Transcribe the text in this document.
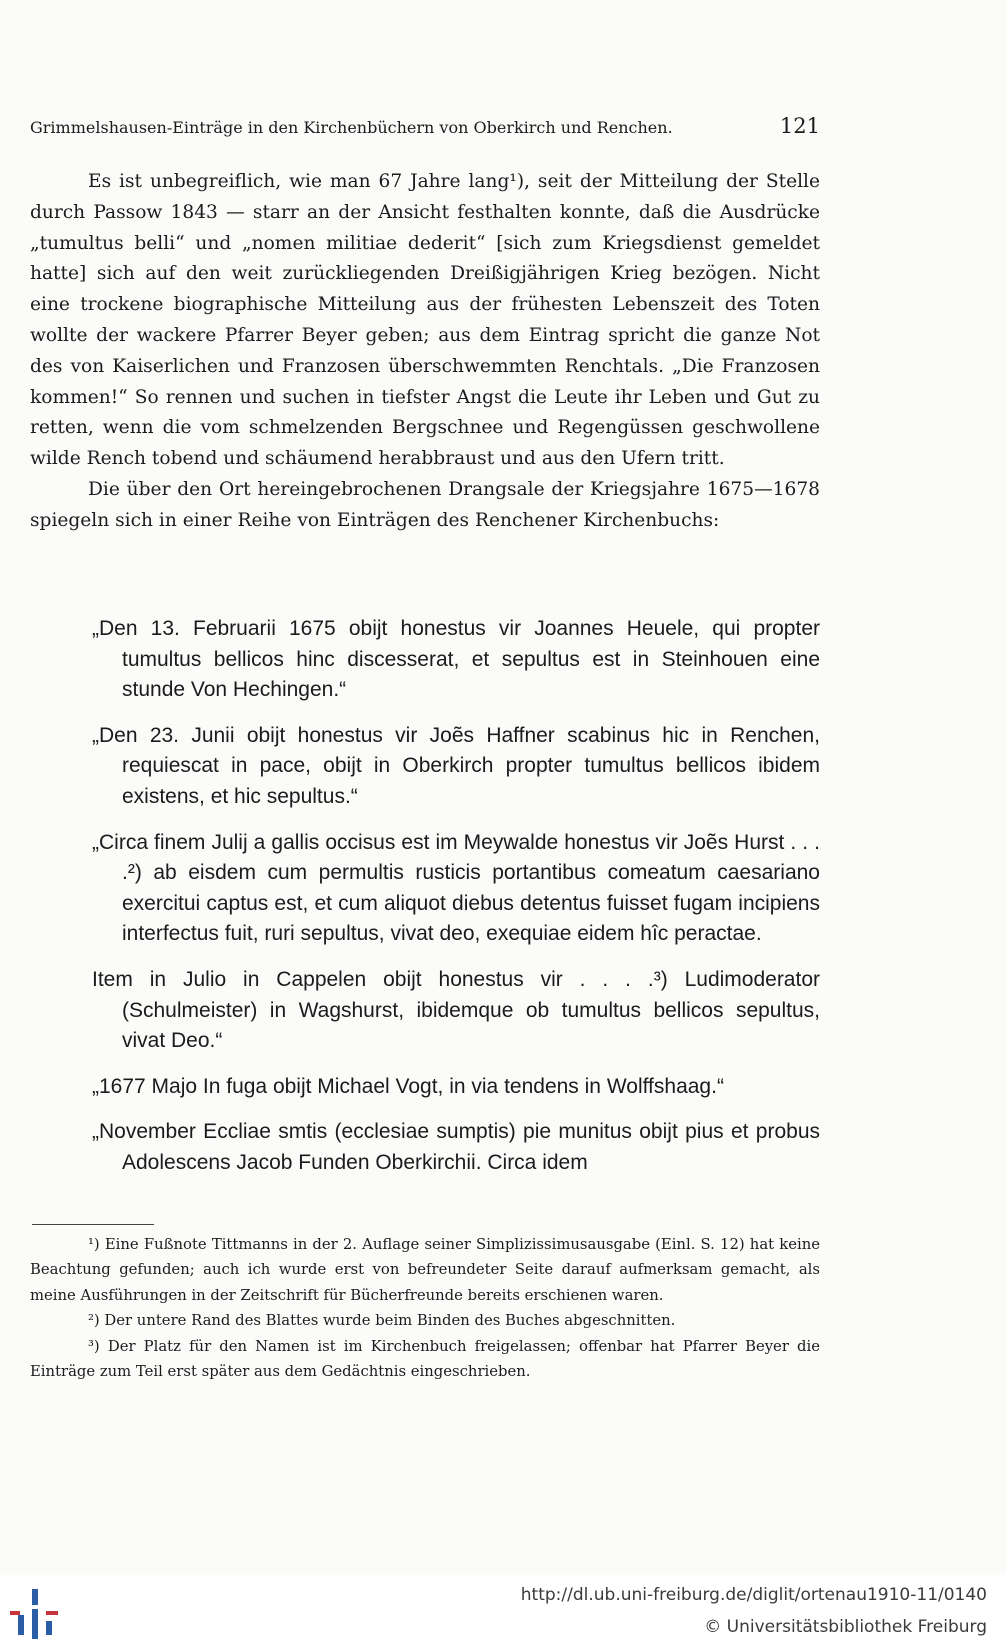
Grimmelshausen-Einträge in den Kirchenbüchern von Oberkirch und Renchen.	121

Es ist unbegreiflich, wie man 67 Jahre lang¹), seit der Mitteilung der Stelle durch Passow 1843 — starr an der Ansicht festhalten konnte, daß die Ausdrücke „tumultus belli“ und „nomen militiae dederit“ [sich zum Kriegsdienst gemeldet hatte] sich auf den weit zurückliegenden Dreißigjährigen Krieg bezögen. Nicht eine trockene biographische Mitteilung aus der frühesten Lebenszeit des Toten wollte der wackere Pfarrer Beyer geben; aus dem Eintrag spricht die ganze Not des von Kaiserlichen und Franzosen überschwemmten Renchtals. „Die Franzosen kommen!“ So rennen und suchen in tiefster Angst die Leute ihr Leben und Gut zu retten, wenn die vom schmelzenden Bergschnee und Regengüssen geschwollene wilde Rench tobend und schäumend herabbraust und aus den Ufern tritt.

Die über den Ort hereingebrochenen Drangsale der Kriegsjahre 1675—1678 spiegeln sich in einer Reihe von Einträgen des Renchener Kirchenbuchs:

„Den 13. Februarii 1675 obijt honestus vir Joannes Heuele, qui propter tumultus bellicos hinc discesserat, et sepultus est in Steinhouen eine stunde Von Hechingen.“

„Den 23. Junii obijt honestus vir Joẽs Haffner scabinus hic in Renchen, requiescat in pace, obijt in Oberkirch propter tumultus bellicos ibidem existens, et hic sepultus.“

„Circa finem Julij a gallis occisus est im Meywalde honestus vir Joẽs Hurst . . . .²) ab eisdem cum permultis rusticis portantibus comeatum caesariano exercitui captus est, et cum aliquot diebus detentus fuisset fugam incipiens interfectus fuit, ruri sepultus, vivat deo, exequiae eidem hîc peractae.

Item in Julio in Cappelen obijt honestus vir . . . .³) Ludimoderator (Schulmeister) in Wagshurst, ibidemque ob tumultus bellicos sepultus, vivat Deo.“

„1677 Majo In fuga obijt Michael Vogt, in via tendens in Wolffshaag.“

„November Eccliae smtis (ecclesiae sumptis) pie munitus obijt pius et probus Adolescens Jacob Funden Oberkirchii. Circa idem

¹) Eine Fußnote Tittmanns in der 2. Auflage seiner Simplizissimusausgabe (Einl. S. 12) hat keine Beachtung gefunden; auch ich wurde erst von befreundeter Seite darauf aufmerksam gemacht, als meine Ausführungen in der Zeitschrift für Bücherfreunde bereits erschienen waren.

²) Der untere Rand des Blattes wurde beim Binden des Buches abgeschnitten.

³) Der Platz für den Namen ist im Kirchenbuch freigelassen; offenbar hat Pfarrer Beyer die Einträge zum Teil erst später aus dem Gedächtnis eingeschrieben.

http://dl.ub.uni-freiburg.de/diglit/ortenau1910-11/0140
© Universitätsbibliothek Freiburg
